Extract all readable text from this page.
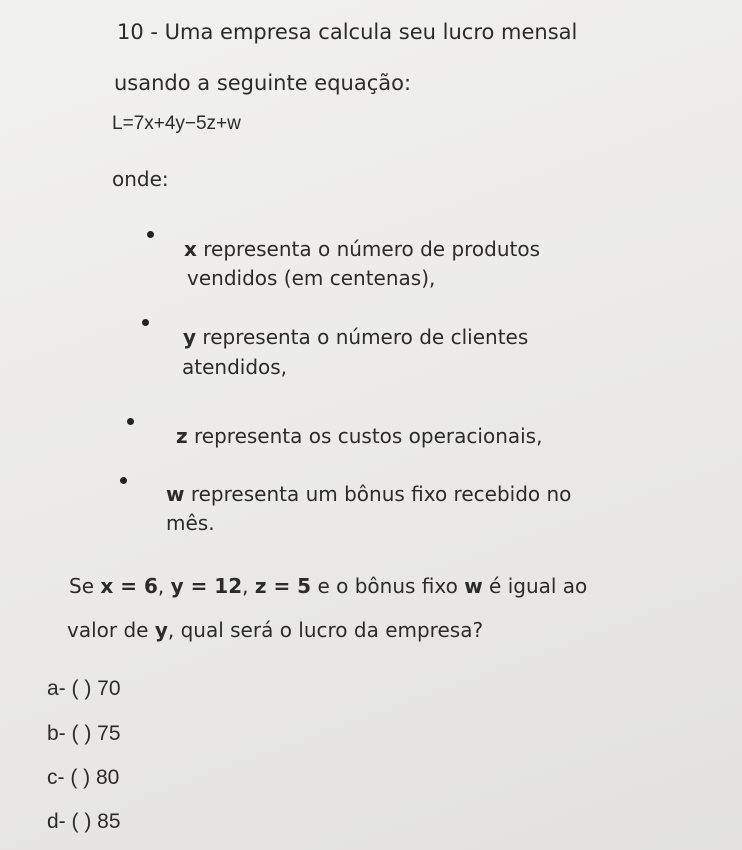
10 - Uma empresa calcula seu lucro mensal
usando a seguinte equação:
L=7x+4y−5z+w
onde:
x representa o número de produtos
vendidos (em centenas),
y representa o número de clientes
atendidos,
z representa os custos operacionais,
w representa um bônus fixo recebido no
mês.
Se x = 6, y = 12, z = 5 e o bônus fixo w é igual ao
valor de y, qual será o lucro da empresa?
a- ( ) 70
b- ( ) 75
c- ( ) 80
d- ( ) 85
